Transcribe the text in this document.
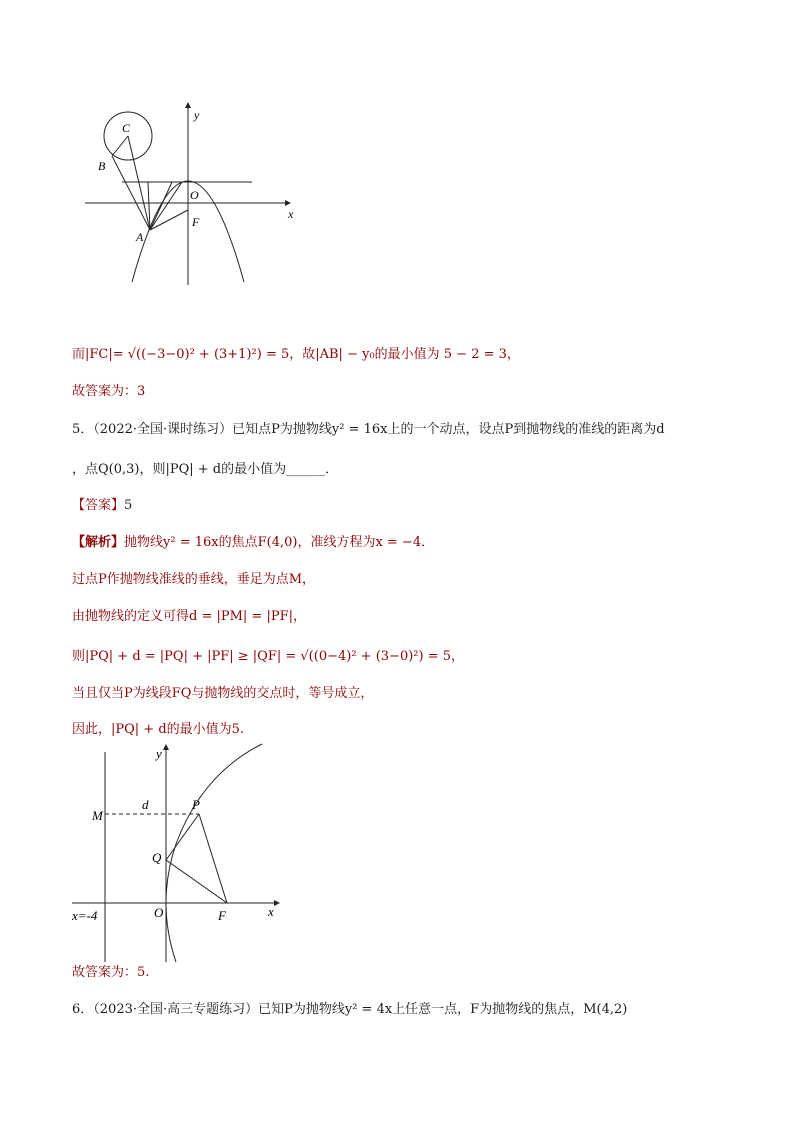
C
B
y
O
x
F
A
而|FC|= √((−3−0)² + (3+1)²) = 5，故|AB| − y₀的最小值为 5 − 2 = 3，
故答案为：3
5．（2022·全国·课时练习）已知点P为抛物线y² = 16x上的一个动点，设点P到抛物线的准线的距离为d
，点Q(0,3)，则|PQ| + d的最小值为______．
【答案】5
【解析】抛物线y² = 16x的焦点F(4,0)，准线方程为x = −4．
过点P作抛物线准线的垂线，垂足为点M，
由抛物线的定义可得d = |PM| = |PF|，
则|PQ| + d = |PQ| + |PF| ≥ |QF| = √((0−4)² + (3−0)²) = 5，
当且仅当P为线段FQ与抛物线的交点时，等号成立，
因此，|PQ| + d的最小值为5.
y
M
d	P
Q
x=-4	O	F	x
故答案为：5.
6．（2023·全国·高三专题练习）已知P为抛物线y² = 4x上任意一点，F为抛物线的焦点，M(4,2)
